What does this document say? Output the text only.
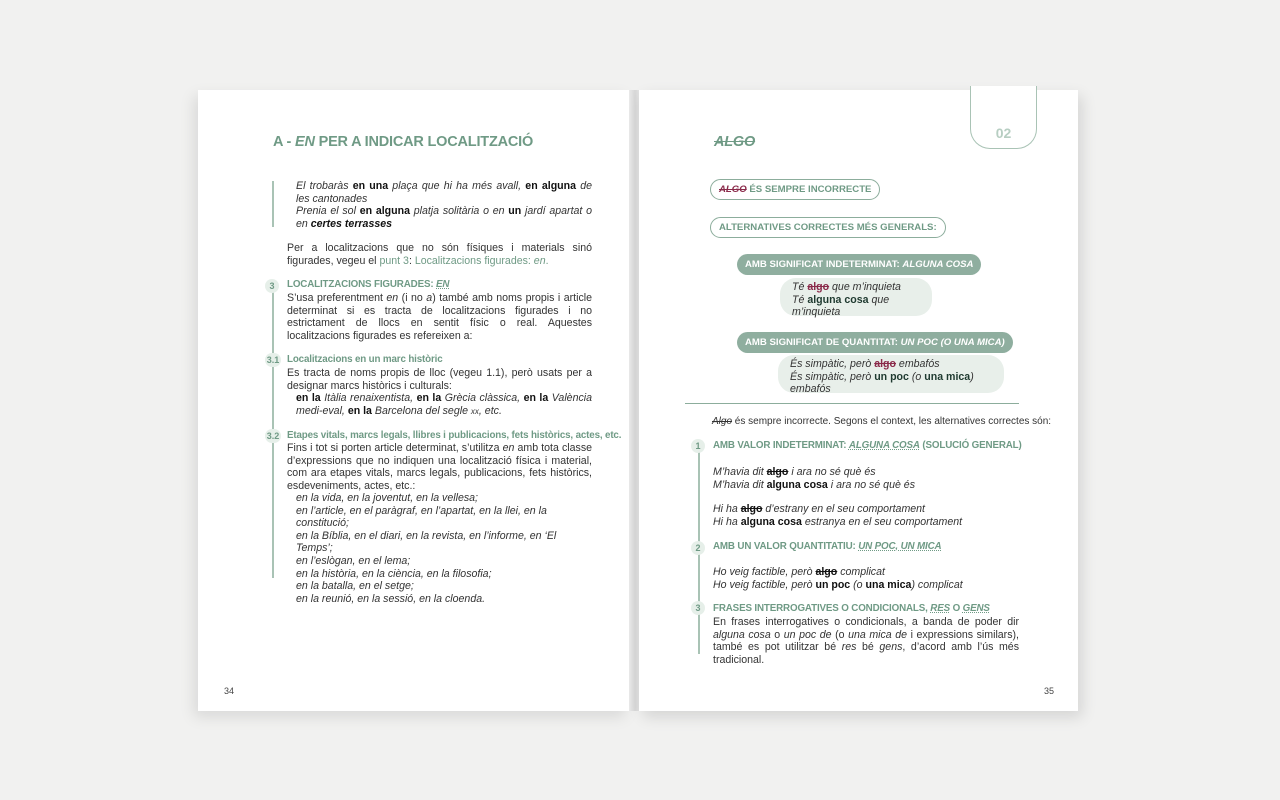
A - EN PER A INDICAR LOCALITZACIÓ
El trobaràs en una plaça que hi ha més avall, en alguna de les cantonades
Prenia el sol en alguna platja solitària o en un jardí apartat o en certes terrasses
Per a localitzacions que no són físiques i materials sinó figurades, vegeu el punt 3: Localitzacions figurades: en.
3	LOCALITZACIONS FIGURADES: EN
S’usa preferentment en (i no a) també amb noms propis i article determinat si es tracta de localitzacions figurades i no estrictament de llocs en sentit físic o real. Aquestes localitzacions figurades es refereixen a:
3.1 Localitzacions en un marc històric
Es tracta de noms propis de lloc (vegeu 1.1), però usats per a designar marcs històrics i culturals:
en la Itàlia renaixentista, en la Grècia clàssica, en la València medi-eval, en la Barcelona del segle xx, etc.
3.2 Etapes vitals, marcs legals, llibres i publicacions, fets històrics, actes, etc.
Fins i tot si porten article determinat, s’utilitza en amb tota classe d’expressions que no indiquen una localització física i material, com ara etapes vitals, marcs legals, publicacions, fets històrics, esdeveniments, actes, etc.:
en la vida, en la joventut, en la vellesa;
en l’article, en el paràgraf, en l’apartat, en la llei, en la constitució;
en la Bíblia, en el diari, en la revista, en l’informe, en ‘El Temps’;
en l’eslògan, en el lema;
en la història, en la ciència, en la filosofia;
en la batalla, en el setge;
en la reunió, en la sessió, en la cloenda.
34
02
ALGO
ALGO ÉS SEMPRE INCORRECTE
ALTERNATIVES CORRECTES MÉS GENERALS:
Té algo que m’inquieta
Té alguna cosa que m’inquieta
AMB SIGNIFICAT INDETERMINAT: ALGUNA COSA
És simpàtic, però algo embafós
És simpàtic, però un poc (o una mica) embafós
AMB SIGNIFICAT DE QUANTITAT: UN POC (O UNA MICA)
Algo és sempre incorrecte. Segons el context, les alternatives correctes són:
1	AMB VALOR INDETERMINAT: ALGUNA COSA (SOLUCIÓ GENERAL)
M’havia dit algo i ara no sé què és
M’havia dit alguna cosa i ara no sé què és
Hi ha algo d’estrany en el seu comportament
Hi ha alguna cosa estranya en el seu comportament
2	AMB UN VALOR QUANTITATIU: UN POC, UN MICA
Ho veig factible, però algo complicat
Ho veig factible, però un poc (o una mica) complicat
3	FRASES INTERROGATIVES O CONDICIONALS, RES O GENS
En frases interrogatives o condicionals, a banda de poder dir alguna cosa o un poc de (o una mica de i expressions similars), també es pot utilitzar bé res bé gens, d’acord amb l’ús més tradicional.
35
